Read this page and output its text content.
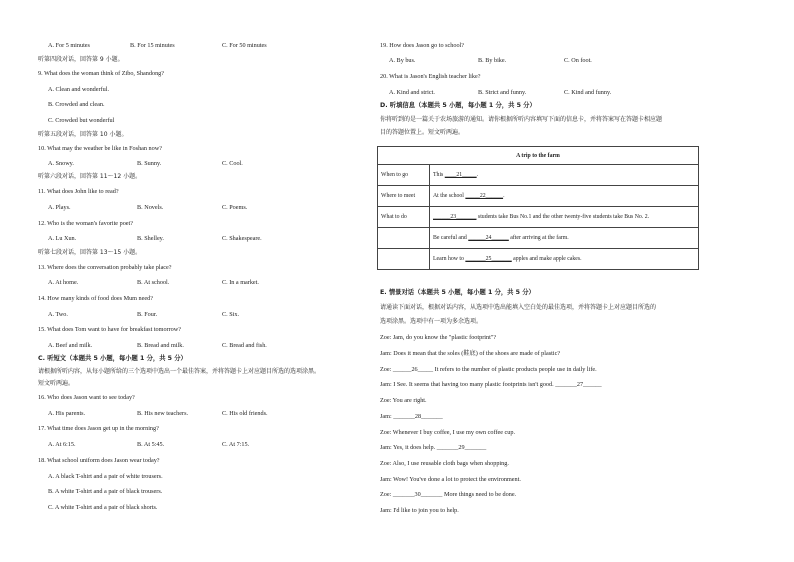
A. For 5 minutes	B. For 15 minutes	C. For 50 minutes
听第四段对话，回答第 9 小题。
9. What does the woman think of Zibo, Shandong?
A. Clean and wonderful.
B. Crowded and clean.
C. Crowded but wonderful
听第五段对话，回答第 10 小题。
10. What may the weather be like in Foshan now?
A. Snowy.	B. Sunny.	C. Cool.
听第六段对话，回答第 11～12 小题。
11. What does John like to read?
A. Plays.	B. Novels.	C. Poems.
12. Who is the woman's favorite poet?
A. Lu Xun.	B. Shelley.	C. Shakespeare.
听第七段对话，回答第 13～15 小题。
13. Where does the conversation probably take place?
A. At home.	B. At school.	C. In a market.
14. How many kinds of food does Mum need?
A. Two.	B. Four.	C. Six.
15. What does Tom want to have for breakfast tomorrow?
A. Beef and milk.	B. Bread and milk.	C. Bread and fish.
C. 听短文（本题共 5 小题，每小题 1 分，共 5 分）
请根据所听内容，从每小题所给的三个选项中选出一个最佳答案，并将答题卡上对应题目所选的选项涂黑。
短文听两遍。
16. Who does Jason want to see today?
A. His parents.	B. His new teachers.	C. His old friends.
17. What time does Jason get up in the morning?
A. At 6:15.	B. At 5:45.	C. At 7:15.
18. What school uniform does Jason wear today?
A. A black T-shirt and a pair of white trousers.
B. A white T-shirt and a pair of black trousers.
C. A white T-shirt and a pair of black shorts.
19. How does Jason go to school?
A. By bus.	B. By bike.	C. On foot.
20. What is Jason's English teacher like?
A. Kind and strict.	B. Strict and funny.	C. Kind and funny.
D. 听填信息（本题共 5 小题，每小题 1 分，共 5 分）
你将听到的是一篇关于农场旅游的通知。请你根据所听内容填写下面的信息卡，并将答案写在答题卡相应题
目的答题位置上。短文听两遍。
A trip to the farm	
When to go	This ____21_____.
Where to meet	At the school _____22______.
What to do	______23_______ students take Bus No.1 and the other twenty-five students take Bus No. 2.
	Be careful and ______24______ after arriving at the farm.
	Learn how to _______25_______ apples and make apple cakes.
E. 情景对话（本题共 5 小题，每小题 1 分，共 5 分）
请通读下面对话，根据对话内容，从选项中选出能填入空白处的最佳选项，并将答题卡上对应题目所选的
选项涂黑。选项中有一项为多余选项。
Zoe: Jam, do you know the "plastic footprint"?
Jam: Does it mean that the soles (鞋底) of the shoes are made of plastic?
Zoe: ______26_____ It refers to the number of plastic products people use in daily life.
Jam: I See. It seems that having too many plastic footprints isn't good. _______27______
Zoe: You are right.
Jam: _______28_______
Zoe: Whenever I buy coffee, I use my own coffee cup.
Jam: Yes, it does help. _______29_______
Zoe: Also, I use reusable cloth bags when shopping.
Jam: Wow! You've done a lot to protect the environment.
Zoe: _______30_______ More things need to be done.
Jam: I'd like to join you to help.
